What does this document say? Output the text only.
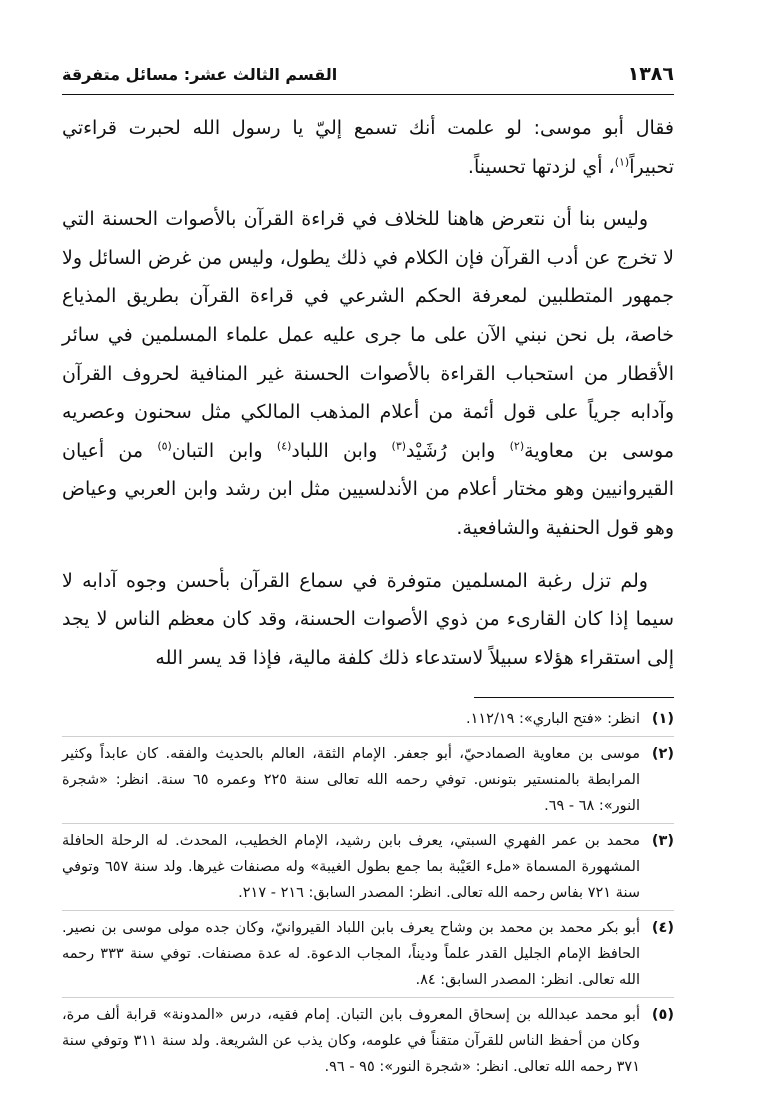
١٣٨٦
القسم الثالث عشر: مسائل متفرقة

فقال أبو موسى: لو علمت أنك تسمع إليّ يا رسول الله لحبرت قراءتي تحبيراً$^{(١)}$، أي لزدتها تحسيناً.

وليس بنا أن نتعرض هاهنا للخلاف في قراءة القرآن بالأصوات الحسنة التي لا تخرج عن أدب القرآن فإن الكلام في ذلك يطول، وليس من غرض السائل ولا جمهور المتطلبين لمعرفة الحكم الشرعي في قراءة القرآن بطريق المذياع خاصة، بل نحن نبني الآن على ما جرى عليه عمل علماء المسلمين في سائر الأقطار من استحباب القراءة بالأصوات الحسنة غير المنافية لحروف القرآن وآدابه جرياً على قول أئمة من أعلام المذهب المالكي مثل سحنون وعصريه موسى بن معاوية$^{(٢)}$ وابن رُشَيْد$^{(٣)}$ وابن اللباد$^{(٤)}$ وابن التبان$^{(٥)}$ من أعيان القيروانيين وهو مختار أعلام من الأندلسيين مثل ابن رشد وابن العربي وعياض وهو قول الحنفية والشافعية.

ولم تزل رغبة المسلمين متوفرة في سماع القرآن بأحسن وجوه آدابه لا سيما إذا كان القارىء من ذوي الأصوات الحسنة، وقد كان معظم الناس لا يجد إلى استقراء هؤلاء سبيلاً لاستدعاء ذلك كلفة مالية، فإذا قد يسر الله

(١)
انظر: «فتح الباري»: ١١٢/١٩.
(٢)
موسى بن معاوية الصمادحيّ، أبو جعفر. الإمام الثقة، العالم بالحديث والفقه. كان عابداً وكثير المرابطة بالمنستير بتونس. توفي رحمه الله تعالى سنة ٢٢٥ وعمره ٦٥ سنة. انظر: «شجرة النور»: ٦٨ - ٦٩.
(٣)
محمد بن عمر الفهري السبتي، يعرف بابن رشيد، الإمام الخطيب، المحدث. له الرحلة الحافلة المشهورة المسماة «ملء العَيْبة بما جمع بطول الغيبة» وله مصنفات غيرها. ولد سنة ٦٥٧ وتوفي سنة ٧٢١ بفاس رحمه الله تعالى. انظر: المصدر السابق: ٢١٦ - ٢١٧.
(٤)
أبو بكر محمد بن محمد بن وشاح يعرف بابن اللباد القيروانيّ، وكان جده مولى موسى بن نصير. الحافظ الإمام الجليل القدر علماً وديناً، المجاب الدعوة. له عدة مصنفات. توفي سنة ٣٣٣ رحمه الله تعالى. انظر: المصدر السابق: ٨٤.
(٥)
أبو محمد عبدالله بن إسحاق المعروف بابن التبان. إمام فقيه، درس «المدونة» قرابة ألف مرة، وكان من أحفظ الناس للقرآن متقناً في علومه، وكان يذب عن الشريعة. ولد سنة ٣١١ وتوفي سنة ٣٧١ رحمه الله تعالى. انظر: «شجرة النور»: ٩٥ - ٩٦.
